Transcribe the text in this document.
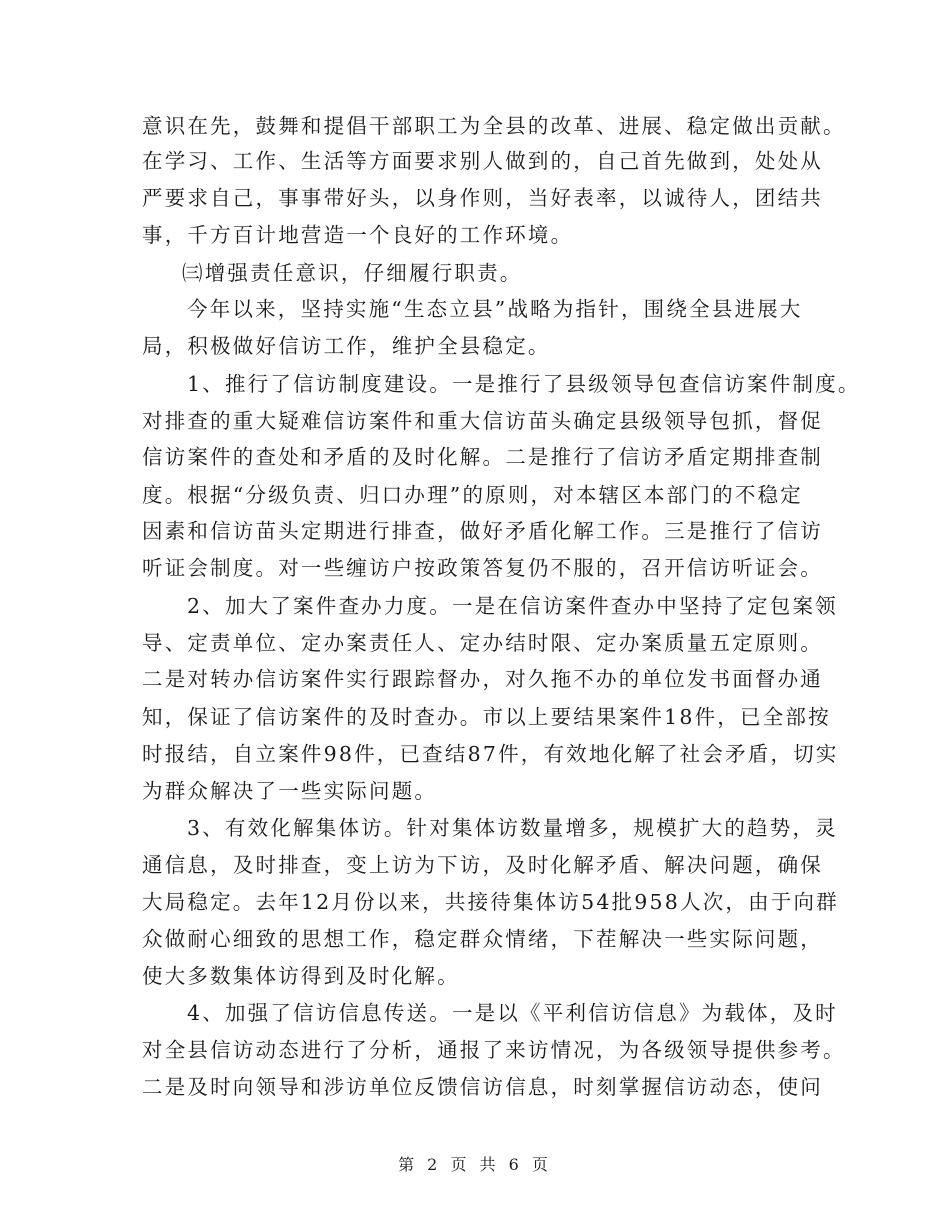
意识在先，鼓舞和提倡干部职工为全县的改革、进展、稳定做出贡献。
在学习、工作、生活等方面要求别人做到的，自己首先做到，处处从
严要求自己，事事带好头，以身作则，当好表率，以诚待人，团结共
事，千方百计地营造一个良好的工作环境。
㈢增强责任意识，仔细履行职责。
今年以来，坚持实施“生态立县”战略为指针，围绕全县进展大
局，积极做好信访工作，维护全县稳定。
1、推行了信访制度建设。一是推行了县级领导包查信访案件制度。
对排查的重大疑难信访案件和重大信访苗头确定县级领导包抓，督促
信访案件的查处和矛盾的及时化解。二是推行了信访矛盾定期排查制
度。根据“分级负责、归口办理”的原则，对本辖区本部门的不稳定
因素和信访苗头定期进行排查，做好矛盾化解工作。三是推行了信访
听证会制度。对一些缠访户按政策答复仍不服的，召开信访听证会。
2、加大了案件查办力度。一是在信访案件查办中坚持了定包案领
导、定责单位、定办案责任人、定办结时限、定办案质量五定原则。
二是对转办信访案件实行跟踪督办，对久拖不办的单位发书面督办通
知，保证了信访案件的及时查办。市以上要结果案件18件，已全部按
时报结，自立案件98件，已查结87件，有效地化解了社会矛盾，切实
为群众解决了一些实际问题。
3、有效化解集体访。针对集体访数量增多，规模扩大的趋势，灵
通信息，及时排查，变上访为下访，及时化解矛盾、解决问题，确保
大局稳定。去年12月份以来，共接待集体访54批958人次，由于向群
众做耐心细致的思想工作，稳定群众情绪，下茬解决一些实际问题，
使大多数集体访得到及时化解。
4、加强了信访信息传送。一是以《平利信访信息》为载体，及时
对全县信访动态进行了分析，通报了来访情况，为各级领导提供参考。
二是及时向领导和涉访单位反馈信访信息，时刻掌握信访动态，使问
第 2 页 共 6 页
